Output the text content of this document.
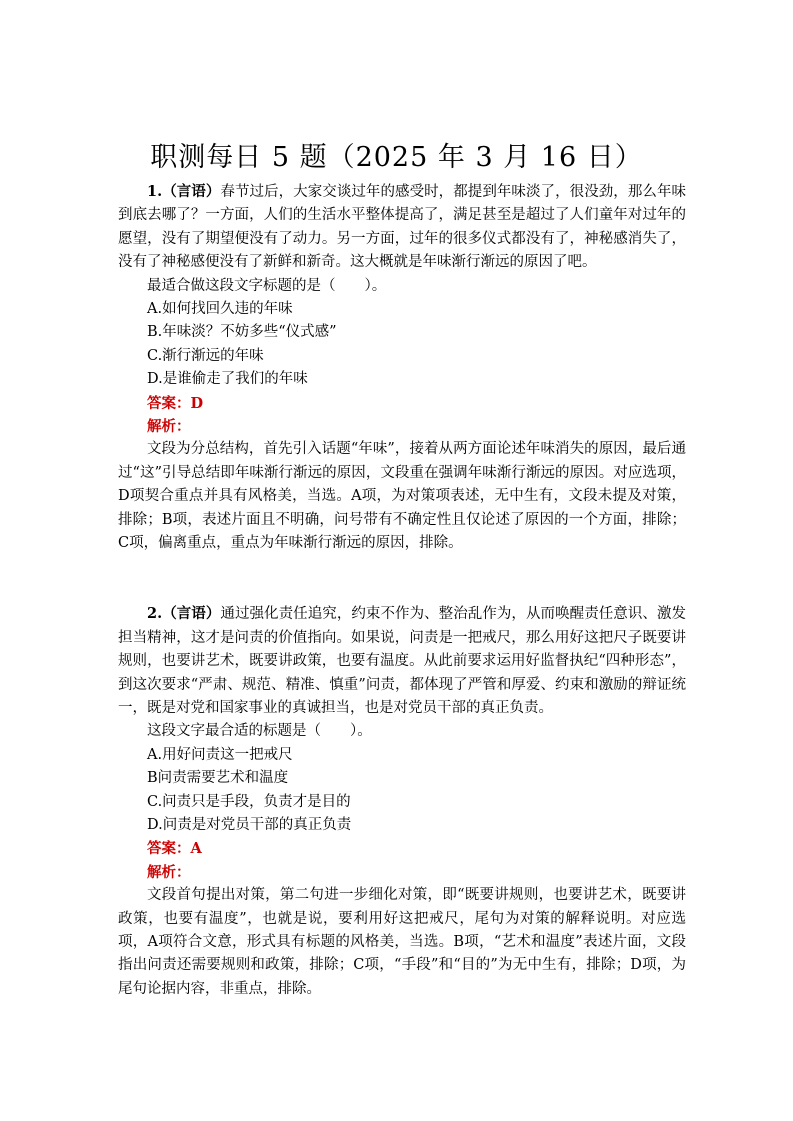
职测每日 5 题（2025 年 3 月 16 日）

1.（言语）春节过后，大家交谈过年的感受时，都提到年味淡了，很没劲，那么年味到底去哪了？一方面，人们的生活水平整体提高了，满足甚至是超过了人们童年对过年的愿望，没有了期望便没有了动力。另一方面，过年的很多仪式都没有了，神秘感消失了，没有了神秘感便没有了新鲜和新奇。这大概就是年味渐行渐远的原因了吧。

最适合做这段文字标题的是（　　）。

A.如何找回久违的年味

B.年味淡？不妨多些“仪式感”

C.渐行渐远的年味

D.是谁偷走了我们的年味

答案：D

解析：

文段为分总结构，首先引入话题“年味”，接着从两方面论述年味消失的原因，最后通过“这”引导总结即年味渐行渐远的原因，文段重在强调年味渐行渐远的原因。对应选项，D项契合重点并具有风格美，当选。A项，为对策项表述，无中生有，文段未提及对策，排除；B项，表述片面且不明确，问号带有不确定性且仅论述了原因的一个方面，排除；C项，偏离重点，重点为年味渐行渐远的原因，排除。

2.（言语）通过强化责任追究，约束不作为、整治乱作为，从而唤醒责任意识、激发担当精神，这才是问责的价值指向。如果说，问责是一把戒尺，那么用好这把尺子既要讲规则，也要讲艺术，既要讲政策，也要有温度。从此前要求运用好监督执纪“四种形态”，到这次要求“严肃、规范、精准、慎重”问责，都体现了严管和厚爱、约束和激励的辩证统一，既是对党和国家事业的真诚担当，也是对党员干部的真正负责。

这段文字最合适的标题是（　　）。

A.用好问责这一把戒尺

B问责需要艺术和温度

C.问责只是手段，负责才是目的

D.问责是对党员干部的真正负责

答案：A

解析：

文段首句提出对策，第二句进一步细化对策，即“既要讲规则，也要讲艺术，既要讲政策，也要有温度”，也就是说，要利用好这把戒尺，尾句为对策的解释说明。对应选项，A项符合文意，形式具有标题的风格美，当选。B项，“艺术和温度”表述片面，文段指出问责还需要规则和政策，排除；C项，“手段”和“目的”为无中生有，排除；D项，为尾句论据内容，非重点，排除。
